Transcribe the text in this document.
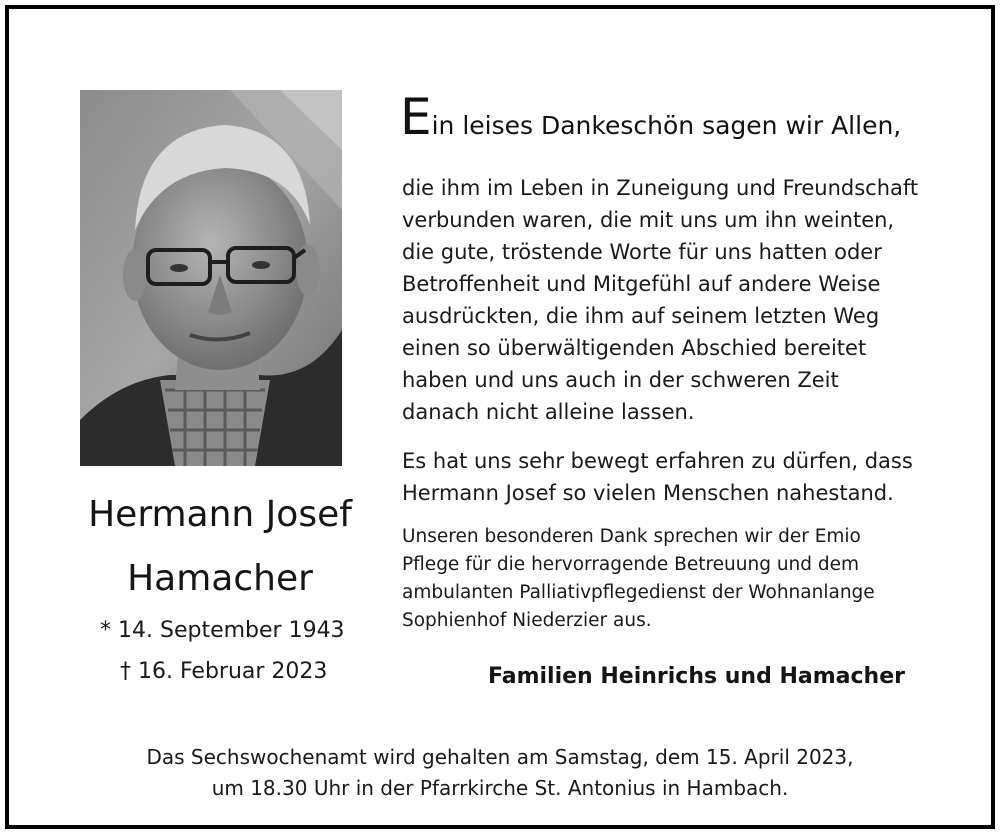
Hermann Josef
Hamacher
* 14. September 1943
† 16. Februar 2023
Ein leises Dankeschön sagen wir Allen,
die ihm im Leben in Zuneigung und Freundschaft
verbunden waren, die mit uns um ihn weinten,
die gute, tröstende Worte für uns hatten oder
Betroffenheit und Mitgefühl auf andere Weise
ausdrückten, die ihm auf seinem letzten Weg
einen so überwältigenden Abschied bereitet
haben und uns auch in der schweren Zeit
danach nicht alleine lassen.
Es hat uns sehr bewegt erfahren zu dürfen, dass
Hermann Josef so vielen Menschen nahestand.
Unseren besonderen Dank sprechen wir der Emio
Pflege für die hervorragende Betreuung und dem
ambulanten Palliativpflegedienst der Wohnanlange
Sophienhof Niederzier aus.
Familien Heinrichs und Hamacher
Das Sechswochenamt wird gehalten am Samstag, dem 15. April 2023,
um 18.30 Uhr in der Pfarrkirche St. Antonius in Hambach.
